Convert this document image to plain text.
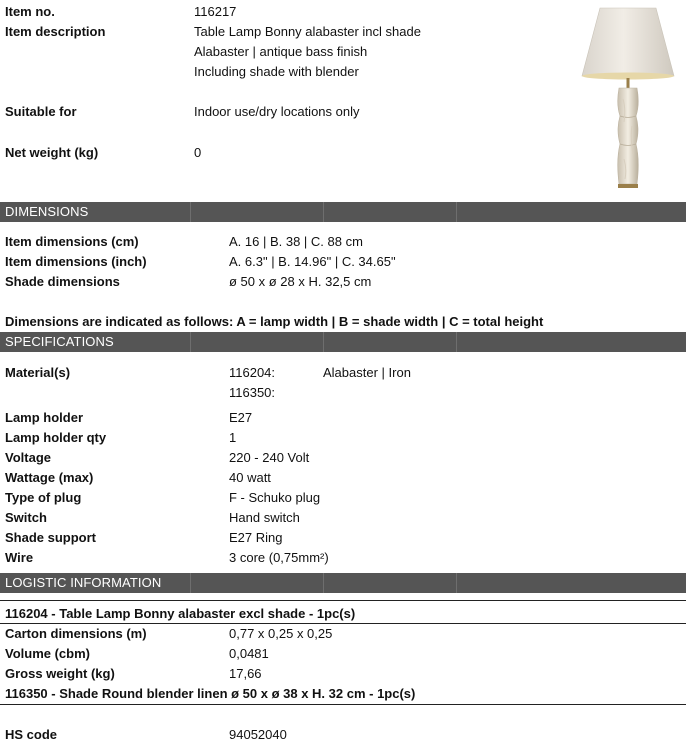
Item no.	116217
Item description	Table Lamp Bonny alabaster incl shade
Alabaster | antique bass finish
Including shade with blender
Suitable for	Indoor use/dry locations only
Net weight (kg)	0
DIMENSIONS
Item dimensions (cm)	A. 16 | B. 38 | C. 88 cm
Item dimensions (inch)	A. 6.3" | B. 14.96" | C. 34.65"
Shade dimensions	ø 50 x ø 28 x H. 32,5 cm
Dimensions are indicated as follows: A = lamp width | B = shade width | C = total height
SPECIFICATIONS
Material(s)	116204:	Alabaster | Iron
116350:
Lamp holder	E27
Lamp holder qty	1
Voltage	220 - 240 Volt
Wattage (max)	40 watt
Type of plug	F - Schuko plug
Switch	Hand switch
Shade support	E27 Ring
Wire	3 core (0,75mm²)
LOGISTIC INFORMATION
116204 - Table Lamp Bonny alabaster excl shade - 1pc(s)
Carton dimensions (m)	0,77 x 0,25 x 0,25
Volume (cbm)	0,0481
Gross weight (kg)	17,66
116350 - Shade Round blender linen ø 50 x ø 38 x H. 32 cm - 1pc(s)
HS code	94052040
